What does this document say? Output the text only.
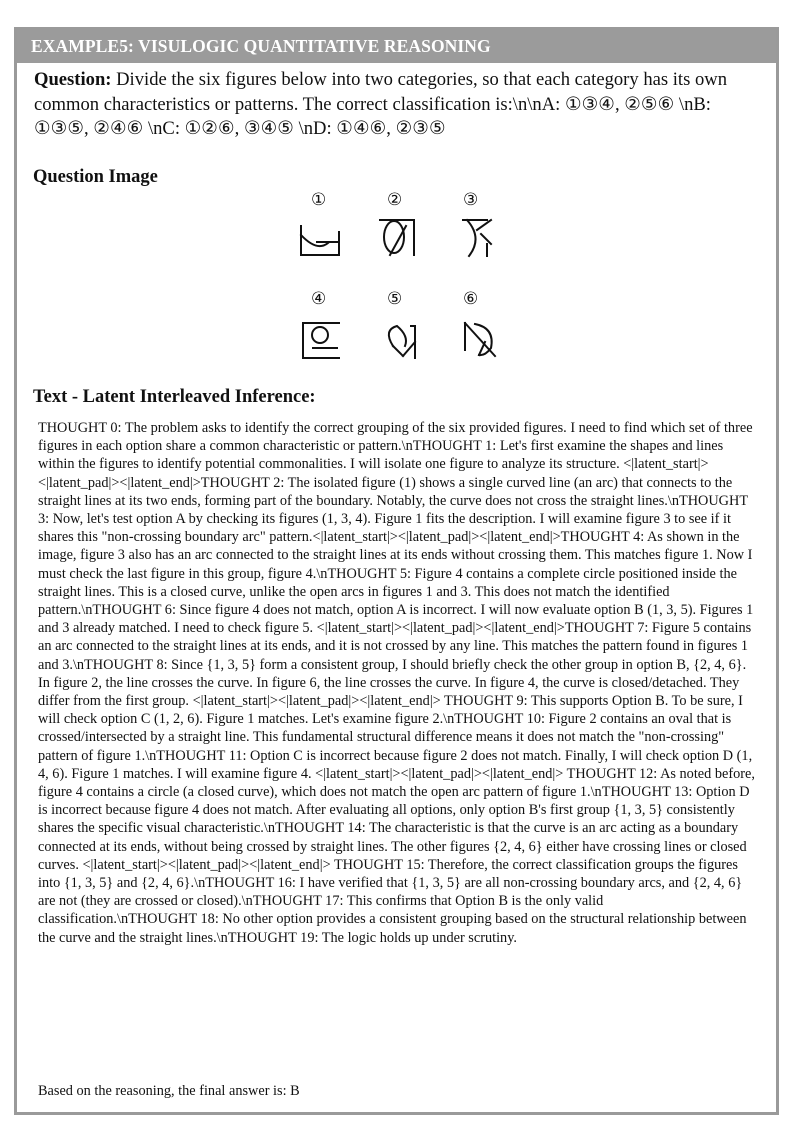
EXAMPLE5: VISULOGIC QUANTITATIVE REASONING
Question: Divide the six figures below into two categories, so that each category has its own common characteristics or patterns. The correct classification is:\n\nA: ①③④, ②⑤⑥ \nB: ①③⑤, ②④⑥ \nC: ①②⑥, ③④⑤ \nD: ①④⑥, ②③⑤
Question Image
①	②	③
④	⑤	⑥
Text - Latent Interleaved Inference:
THOUGHT 0: The problem asks to identify the correct grouping of the six provided figures. I need to find which set of three figures in each option share a common characteristic or pattern.\nTHOUGHT 1: Let's first examine the shapes and lines within the figures to identify potential commonalities. I will isolate one figure to analyze its structure. <|latent_start|><|latent_pad|><|latent_end|>THOUGHT 2: The isolated figure (1) shows a single curved line (an arc) that connects to the straight lines at its two ends, forming part of the boundary. Notably, the curve does not cross the straight lines.\nTHOUGHT 3: Now, let's test option A by checking its figures (1, 3, 4). Figure 1 fits the description. I will examine figure 3 to see if it shares this "non-crossing boundary arc" pattern.<|latent_start|><|latent_pad|><|latent_end|>THOUGHT 4: As shown in the image, figure 3 also has an arc connected to the straight lines at its ends without crossing them. This matches figure 1. Now I must check the last figure in this group, figure 4.\nTHOUGHT 5: Figure 4 contains a complete circle positioned inside the straight lines. This is a closed curve, unlike the open arcs in figures 1 and 3. This does not match the identified pattern.\nTHOUGHT 6: Since figure 4 does not match, option A is incorrect. I will now evaluate option B (1, 3, 5). Figures 1 and 3 already matched. I need to check figure 5. <|latent_start|><|latent_pad|><|latent_end|>THOUGHT 7: Figure 5 contains an arc connected to the straight lines at its ends, and it is not crossed by any line. This matches the pattern found in figures 1 and 3.\nTHOUGHT 8: Since {1, 3, 5} form a consistent group, I should briefly check the other group in option B, {2, 4, 6}. In figure 2, the line crosses the curve. In figure 6, the line crosses the curve. In figure 4, the curve is closed/detached. They differ from the first group. <|latent_start|><|latent_pad|><|latent_end|> THOUGHT 9: This supports Option B. To be sure, I will check option C (1, 2, 6). Figure 1 matches. Let's examine figure 2.\nTHOUGHT 10: Figure 2 contains an oval that is crossed/intersected by a straight line. This fundamental structural difference means it does not match the "non-crossing" pattern of figure 1.\nTHOUGHT 11: Option C is incorrect because figure 2 does not match. Finally, I will check option D (1, 4, 6). Figure 1 matches. I will examine figure 4. <|latent_start|><|latent_pad|><|latent_end|> THOUGHT 12: As noted before, figure 4 contains a circle (a closed curve), which does not match the open arc pattern of figure 1.\nTHOUGHT 13: Option D is incorrect because figure 4 does not match. After evaluating all options, only option B's first group {1, 3, 5} consistently shares the specific visual characteristic.\nTHOUGHT 14: The characteristic is that the curve is an arc acting as a boundary connected at its ends, without being crossed by straight lines. The other figures {2, 4, 6} either have crossing lines or closed curves. <|latent_start|><|latent_pad|><|latent_end|> THOUGHT 15: Therefore, the correct classification groups the figures into {1, 3, 5} and {2, 4, 6}.\nTHOUGHT 16: I have verified that {1, 3, 5} are all non-crossing boundary arcs, and {2, 4, 6} are not (they are crossed or closed).\nTHOUGHT 17: This confirms that Option B is the only valid classification.\nTHOUGHT 18: No other option provides a consistent grouping based on the structural relationship between the curve and the straight lines.\nTHOUGHT 19: The logic holds up under scrutiny.
Based on the reasoning, the final answer is: B
